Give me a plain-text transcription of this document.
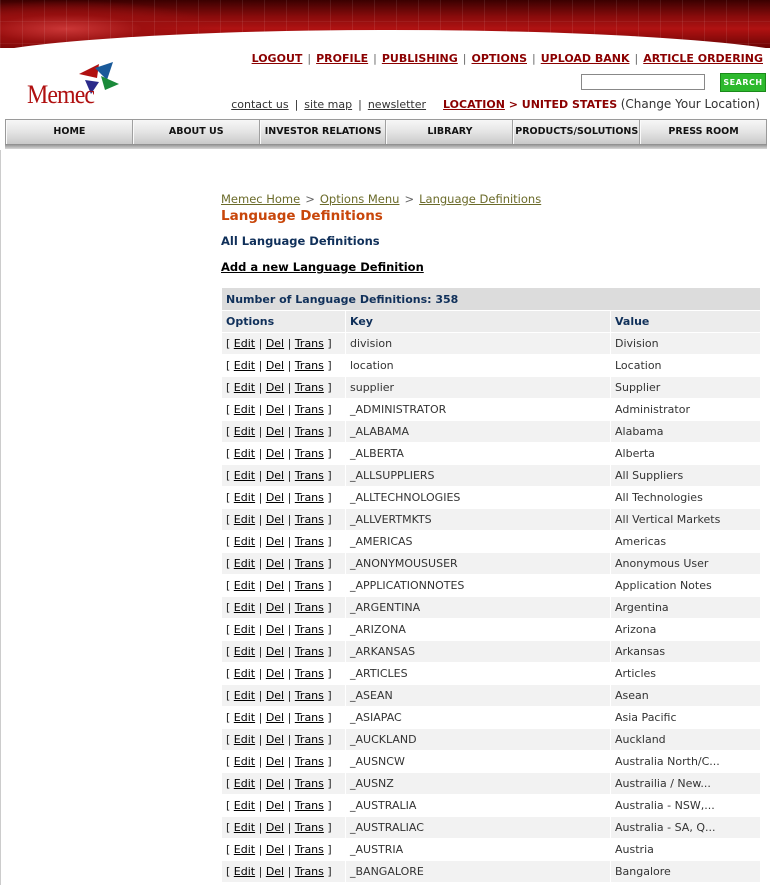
LOGOUT | PROFILE | PUBLISHING | OPTIONS | UPLOAD BANK | ARTICLE ORDERING
SEARCH
Memec	contact us | site map | newsletter LOCATION > UNITED STATES (Change Your Location)
HOME	ABOUT US	INVESTOR RELATIONS	LIBRARY	PRODUCTS/SOLUTIONS	PRESS ROOM
Memec Home > Options Menu > Language Definitions
Language Definitions
All Language Definitions
Add a new Language Definition
Number of Language Definitions: 358		
Options	Key	Value
[ Edit | Del | Trans ]	division	Division
[ Edit | Del | Trans ]	location	Location
[ Edit | Del | Trans ]	supplier	Supplier
[ Edit | Del | Trans ]	_ADMINISTRATOR	Administrator
[ Edit | Del | Trans ]	_ALABAMA	Alabama
[ Edit | Del | Trans ]	_ALBERTA	Alberta
[ Edit | Del | Trans ]	_ALLSUPPLIERS	All Suppliers
[ Edit | Del | Trans ]	_ALLTECHNOLOGIES	All Technologies
[ Edit | Del | Trans ]	_ALLVERTMKTS	All Vertical Markets
[ Edit | Del | Trans ]	_AMERICAS	Americas
[ Edit | Del | Trans ]	_ANONYMOUSUSER	Anonymous User
[ Edit | Del | Trans ]	_APPLICATIONNOTES	Application Notes
[ Edit | Del | Trans ]	_ARGENTINA	Argentina
[ Edit | Del | Trans ]	_ARIZONA	Arizona
[ Edit | Del | Trans ]	_ARKANSAS	Arkansas
[ Edit | Del | Trans ]	_ARTICLES	Articles
[ Edit | Del | Trans ]	_ASEAN	Asean
[ Edit | Del | Trans ]	_ASIAPAC	Asia Pacific
[ Edit | Del | Trans ]	_AUCKLAND	Auckland
[ Edit | Del | Trans ]	_AUSNCW	Australia North/C...
[ Edit | Del | Trans ]	_AUSNZ	Austrailia / New...
[ Edit | Del | Trans ]	_AUSTRALIA	Australia - NSW,...
[ Edit | Del | Trans ]	_AUSTRALIAC	Australia - SA, Q...
[ Edit | Del | Trans ]	_AUSTRIA	Austria
[ Edit | Del | Trans ]	_BANGALORE	Bangalore
